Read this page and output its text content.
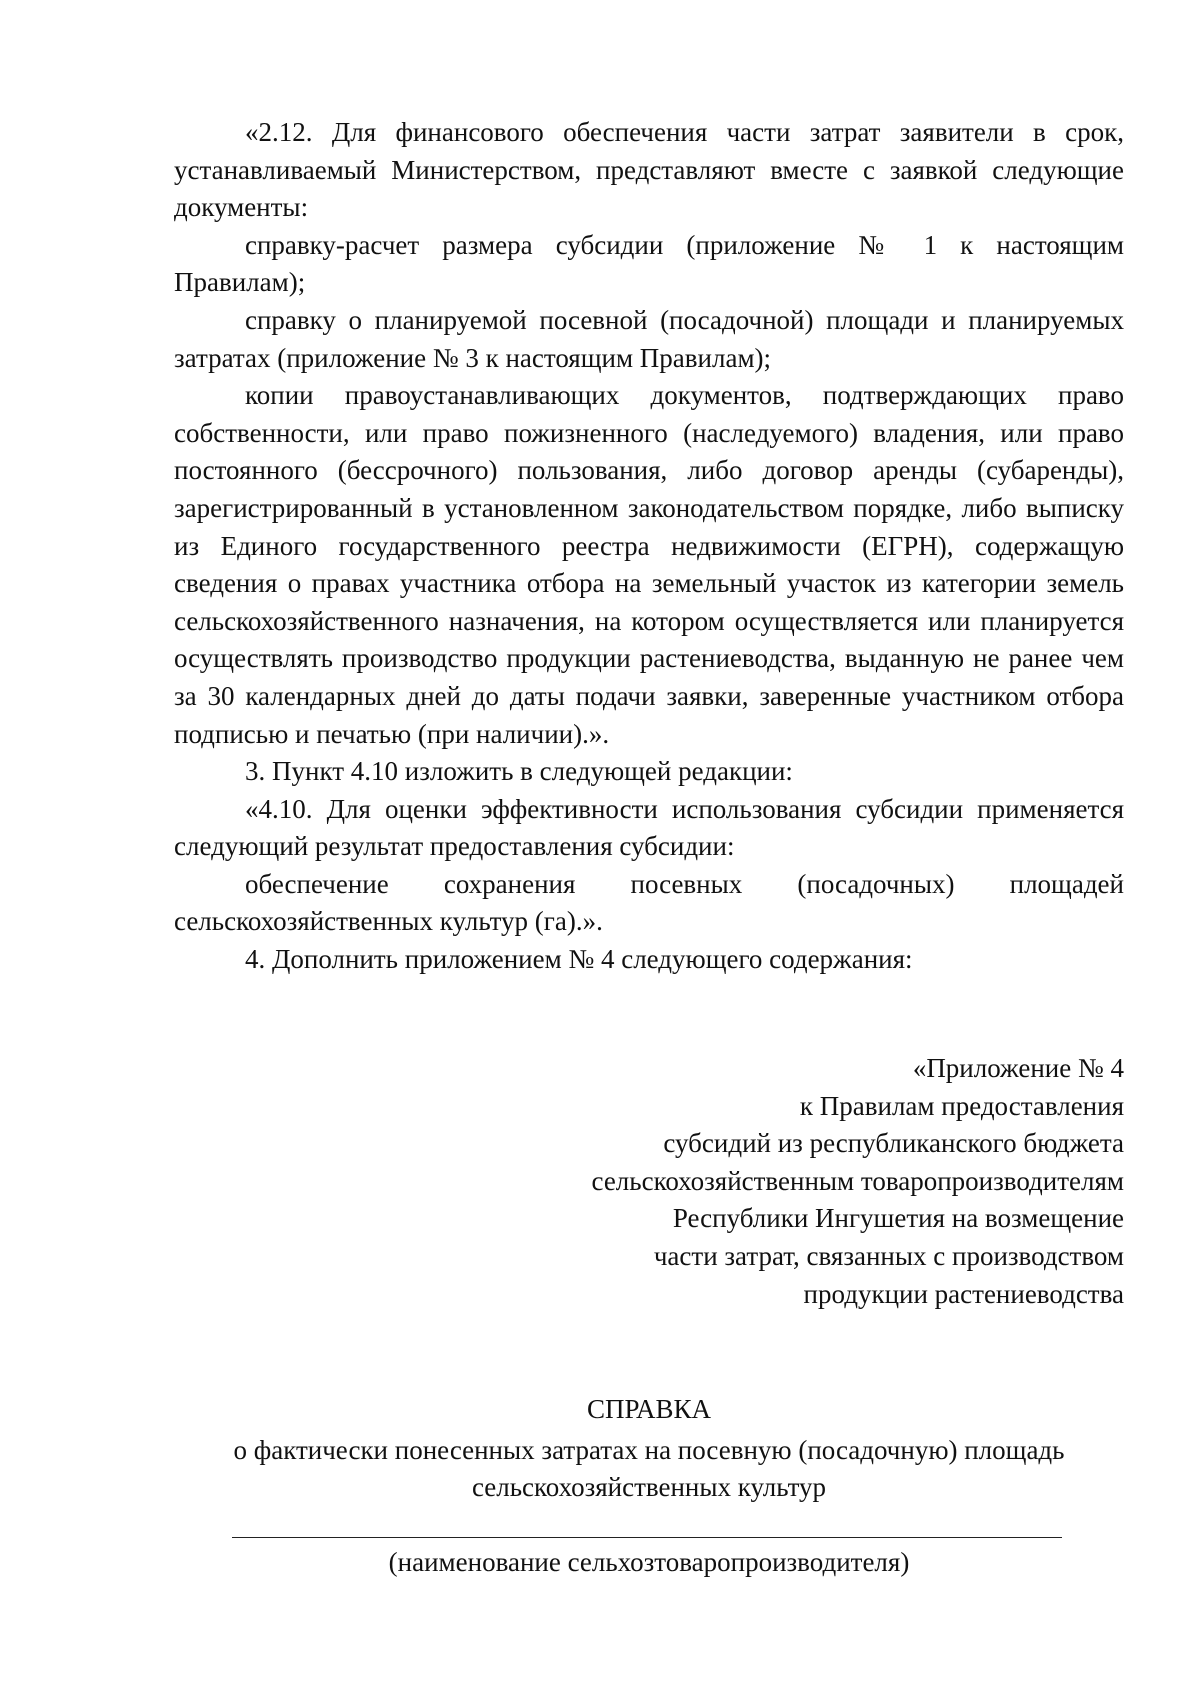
«2.12. Для финансового обеспечения части затрат заявители в срок, устанавливаемый Министерством, представляют вместе с заявкой следующие документы:

справку-расчет размера субсидии (приложение № 1 к настоящим Правилам);

справку о планируемой посевной (посадочной) площади и планируемых затратах (приложение № 3 к настоящим Правилам);

копии правоустанавливающих документов, подтверждающих право собственности, или право пожизненного (наследуемого) владения, или право постоянного (бессрочного) пользования, либо договор аренды (субаренды), зарегистрированный в установленном законодательством порядке, либо выписку из Единого государственного реестра недвижимости (ЕГРН), содержащую сведения о правах участника отбора на земельный участок из категории земель сельскохозяйственного назначения, на котором осуществляется или планируется осуществлять производство продукции растениеводства, выданную не ранее чем за 30 календарных дней до даты подачи заявки, заверенные участником отбора подписью и печатью (при наличии).».

3. Пункт 4.10 изложить в следующей редакции:

«4.10. Для оценки эффективности использования субсидии применяется следующий результат предоставления субсидии:

обеспечение сохранения посевных (посадочных) площадей сельскохозяйственных культур (га).».

4. Дополнить приложением № 4 следующего содержания:

«Приложение № 4
к Правилам предоставления
субсидий из республиканского бюджета
сельскохозяйственным товаропроизводителям
Республики Ингушетия на возмещение
части затрат, связанных с производством
продукции растениеводства
СПРАВКА
о фактически понесенных затратах на посевную (посадочную) площадь
сельскохозяйственных культур
(наименование сельхозтоваропроизводителя)
